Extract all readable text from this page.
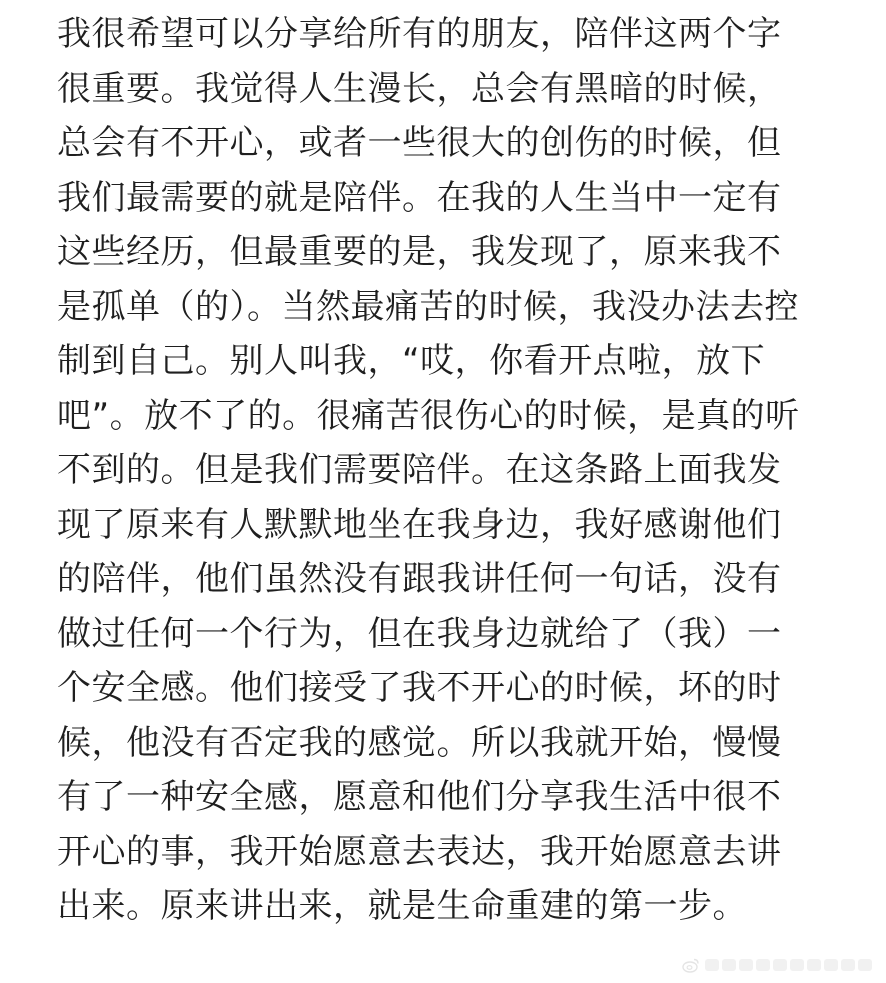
我很希望可以分享给所有的朋友，陪伴这两个字
很重要。我觉得人生漫长，总会有黑暗的时候，
总会有不开心，或者一些很大的创伤的时候，但
我们最需要的就是陪伴。在我的人生当中一定有
这些经历，但最重要的是，我发现了，原来我不
是孤单（的）。当然最痛苦的时候，我没办法去控
制到自己。别人叫我，“哎，你看开点啦，放下
吧”。放不了的。很痛苦很伤心的时候，是真的听
不到的。但是我们需要陪伴。在这条路上面我发
现了原来有人默默地坐在我身边，我好感谢他们
的陪伴，他们虽然没有跟我讲任何一句话，没有
做过任何一个行为，但在我身边就给了（我）一
个安全感。他们接受了我不开心的时候，坏的时
候，他没有否定我的感觉。所以我就开始，慢慢
有了一种安全感，愿意和他们分享我生活中很不
开心的事，我开始愿意去表达，我开始愿意去讲
出来。原来讲出来，就是生命重建的第一步。
